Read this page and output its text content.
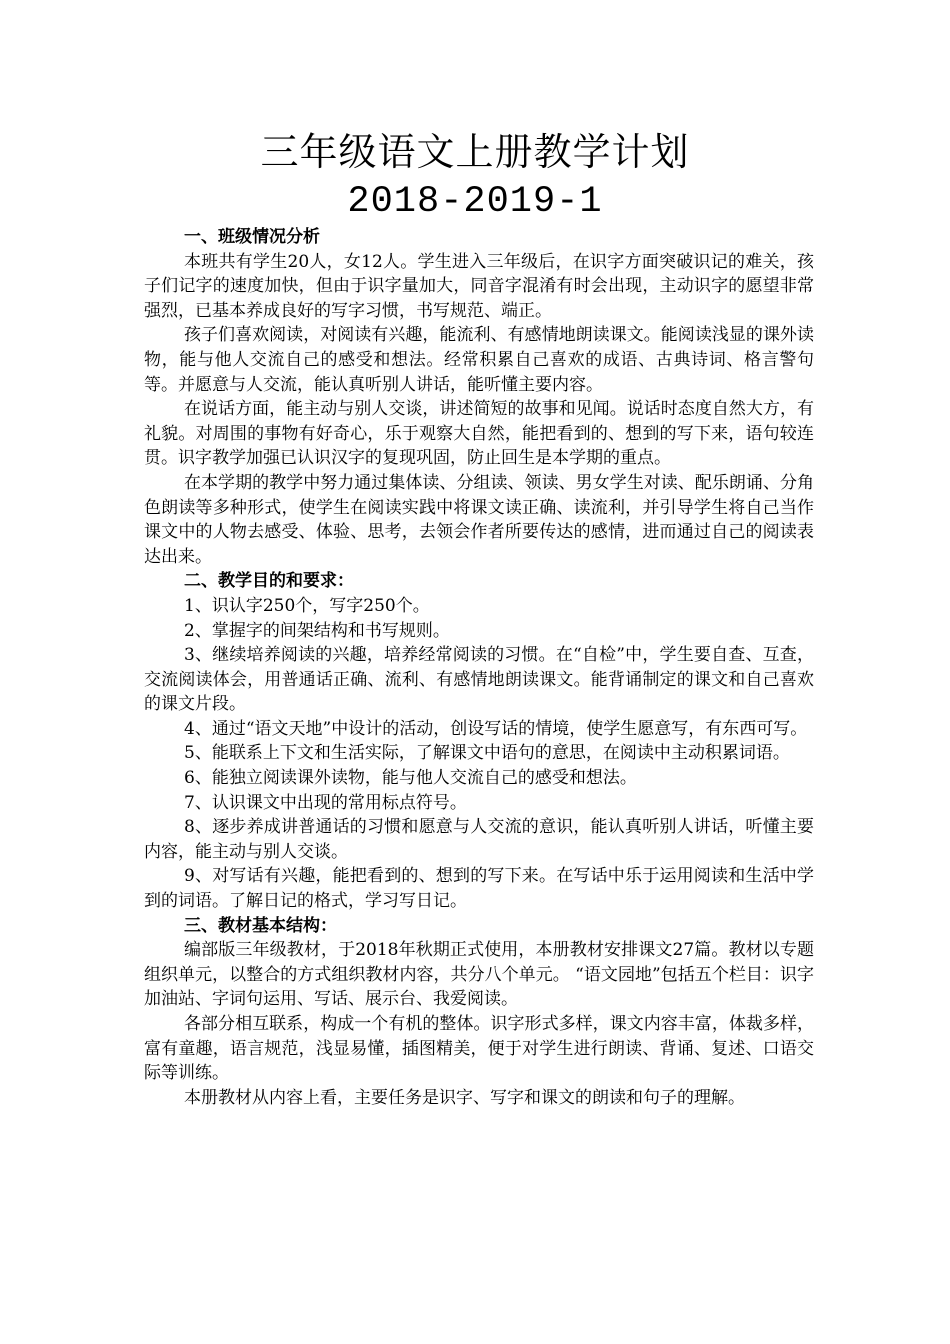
三年级语文上册教学计划
2018-2019-1

一、班级情况分析

本班共有学生20人，女12人。学生进入三年级后，在识字方面突破识记的难关，孩子们记字的速度加快，但由于识字量加大，同音字混淆有时会出现，主动识字的愿望非常强烈，已基本养成良好的写字习惯，书写规范、端正。

孩子们喜欢阅读，对阅读有兴趣，能流利、有感情地朗读课文。能阅读浅显的课外读物，能与他人交流自己的感受和想法。经常积累自己喜欢的成语、古典诗词、格言警句等。并愿意与人交流，能认真听别人讲话，能听懂主要内容。

在说话方面，能主动与别人交谈，讲述简短的故事和见闻。说话时态度自然大方，有礼貌。对周围的事物有好奇心，乐于观察大自然，能把看到的、想到的写下来，语句较连贯。识字教学加强已认识汉字的复现巩固，防止回生是本学期的重点。

在本学期的教学中努力通过集体读、分组读、领读、男女学生对读、配乐朗诵、分角色朗读等多种形式，使学生在阅读实践中将课文读正确、读流利，并引导学生将自己当作课文中的人物去感受、体验、思考，去领会作者所要传达的感情，进而通过自己的阅读表达出来。

二、教学目的和要求：

1、识认字250个，写字250个。

2、掌握字的间架结构和书写规则。

3、继续培养阅读的兴趣，培养经常阅读的习惯。在“自检”中，学生要自查、互查，交流阅读体会，用普通话正确、流利、有感情地朗读课文。能背诵制定的课文和自己喜欢的课文片段。

4、通过“语文天地”中设计的活动，创设写话的情境，使学生愿意写，有东西可写。

5、能联系上下文和生活实际，了解课文中语句的意思，在阅读中主动积累词语。

6、能独立阅读课外读物，能与他人交流自己的感受和想法。

7、认识课文中出现的常用标点符号。

8、逐步养成讲普通话的习惯和愿意与人交流的意识，能认真听别人讲话，听懂主要内容，能主动与别人交谈。

9、对写话有兴趣，能把看到的、想到的写下来。在写话中乐于运用阅读和生活中学到的词语。了解日记的格式，学习写日记。

三、教材基本结构：

编部版三年级教材，于2018年秋期正式使用，本册教材安排课文27篇。教材以专题组织单元，以整合的方式组织教材内容，共分八个单元。 “语文园地”包括五个栏目：识字加油站、字词句运用、写话、展示台、我爱阅读。

各部分相互联系，构成一个有机的整体。识字形式多样，课文内容丰富，体裁多样，富有童趣，语言规范，浅显易懂，插图精美，便于对学生进行朗读、背诵、复述、口语交际等训练。

本册教材从内容上看，主要任务是识字、写字和课文的朗读和句子的理解。
